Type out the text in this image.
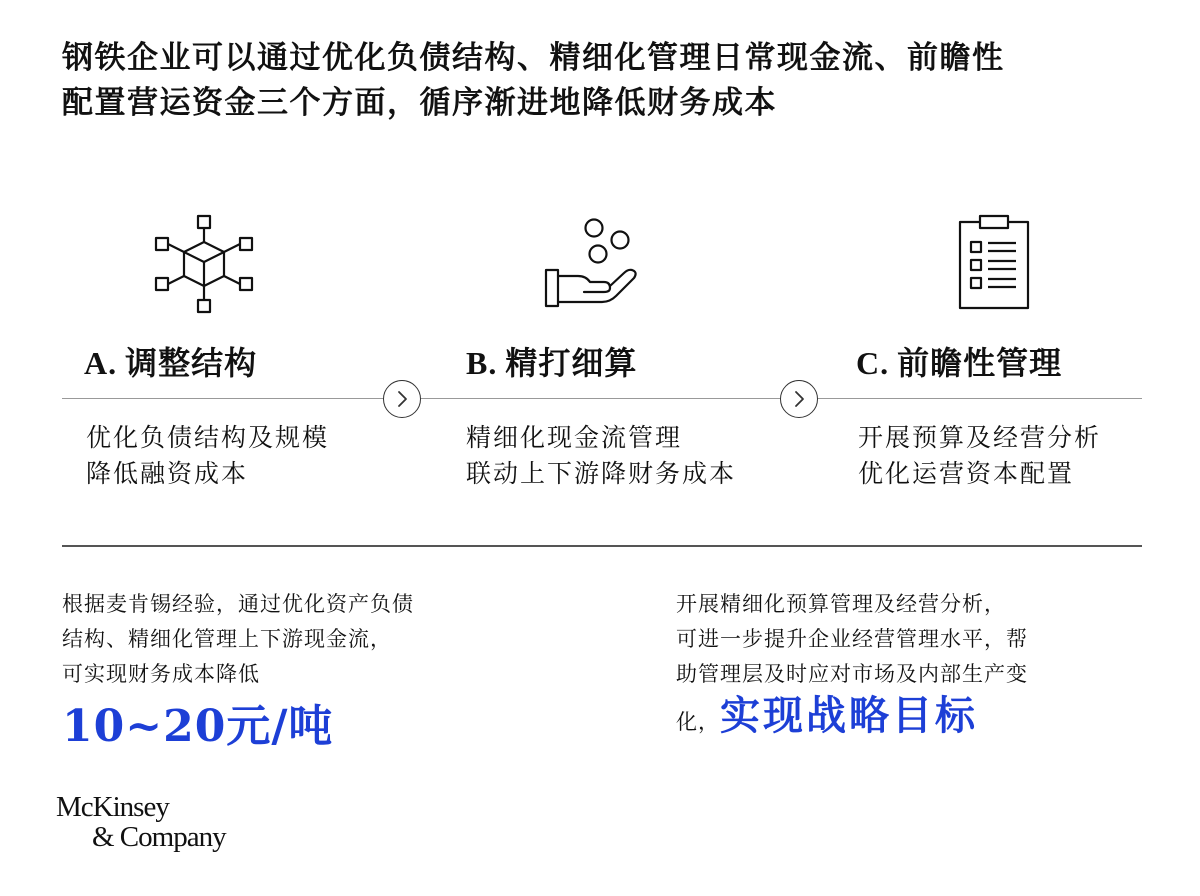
钢铁企业可以通过优化负债结构、精细化管理日常现金流、前瞻性
配置营运资金三个方面，循序渐进地降低财务成本
A. 调整结构	B. 精打细算	C. 前瞻性管理
优化负债结构及规模
降低融资成本
精细化现金流管理
联动上下游降财务成本
开展预算及经营分析
优化运营资本配置
根据麦肯锡经验，通过优化资产负债
结构、精细化管理上下游现金流，
可实现财务成本降低
10~20元/吨
开展精细化预算管理及经营分析，
可进一步提升企业经营管理水平，帮
助管理层及时应对市场及内部生产变
化，实现战略目标
McKinsey
& Company
